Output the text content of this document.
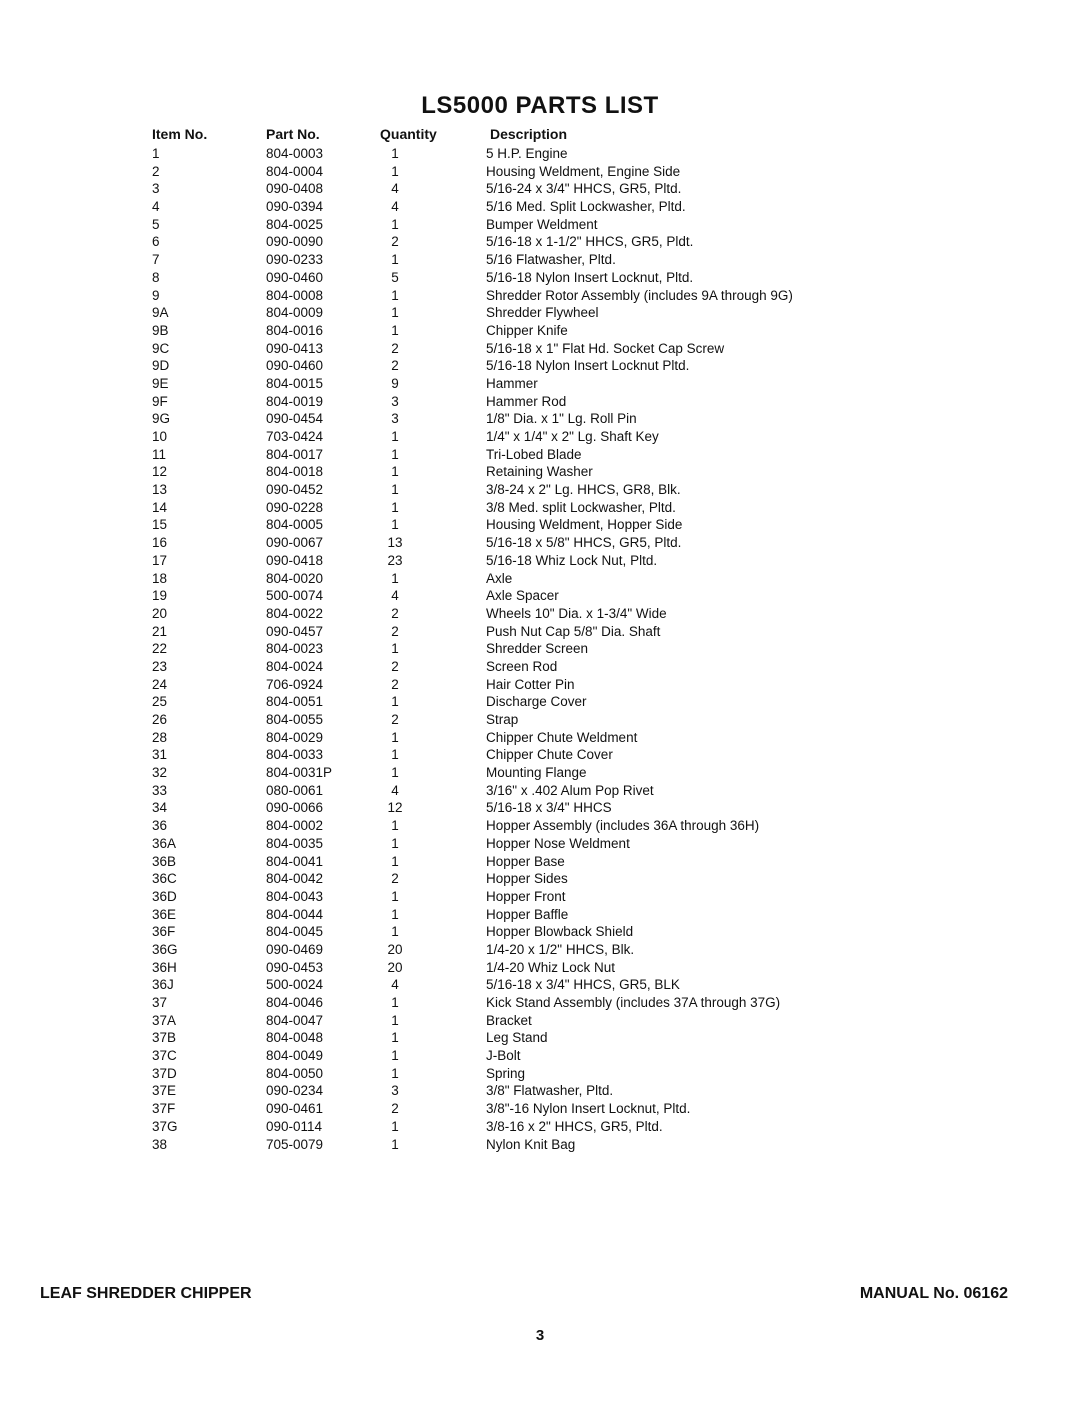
LS5000 PARTS LIST
Item No.	Part No.	Quantity	Description
1	804-0003	1	5 H.P. Engine
2	804-0004	1	Housing Weldment, Engine Side
3	090-0408	4	5/16-24 x 3/4" HHCS, GR5, Pltd.
4	090-0394	4	5/16 Med. Split Lockwasher, Pltd.
5	804-0025	1	Bumper Weldment
6	090-0090	2	5/16-18 x 1-1/2" HHCS, GR5, Pldt.
7	090-0233	1	5/16 Flatwasher, Pltd.
8	090-0460	5	5/16-18 Nylon Insert Locknut, Pltd.
9	804-0008	1	Shredder Rotor Assembly (includes 9A through 9G)
9A	804-0009	1	Shredder Flywheel
9B	804-0016	1	Chipper Knife
9C	090-0413	2	5/16-18 x 1" Flat Hd. Socket Cap Screw
9D	090-0460	2	5/16-18 Nylon Insert Locknut Pltd.
9E	804-0015	9	Hammer
9F	804-0019	3	Hammer Rod
9G	090-0454	3	1/8" Dia. x 1" Lg. Roll Pin
10	703-0424	1	1/4" x 1/4" x 2" Lg. Shaft Key
11	804-0017	1	Tri-Lobed Blade
12	804-0018	1	Retaining Washer
13	090-0452	1	3/8-24 x 2" Lg. HHCS, GR8, Blk.
14	090-0228	1	3/8 Med. split Lockwasher, Pltd.
15	804-0005	1	Housing Weldment, Hopper Side
16	090-0067	13	5/16-18 x 5/8" HHCS, GR5, Pltd.
17	090-0418	23	5/16-18 Whiz Lock Nut, Pltd.
18	804-0020	1	Axle
19	500-0074	4	Axle Spacer
20	804-0022	2	Wheels 10" Dia. x 1-3/4" Wide
21	090-0457	2	Push Nut Cap 5/8" Dia. Shaft
22	804-0023	1	Shredder Screen
23	804-0024	2	Screen Rod
24	706-0924	2	Hair Cotter Pin
25	804-0051	1	Discharge Cover
26	804-0055	2	Strap
28	804-0029	1	Chipper Chute Weldment
31	804-0033	1	Chipper Chute Cover
32	804-0031P	1	Mounting Flange
33	080-0061	4	3/16" x .402 Alum Pop Rivet
34	090-0066	12	5/16-18 x 3/4" HHCS
36	804-0002	1	Hopper Assembly (includes 36A through 36H)
36A	804-0035	1	Hopper Nose Weldment
36B	804-0041	1	Hopper Base
36C	804-0042	2	Hopper Sides
36D	804-0043	1	Hopper Front
36E	804-0044	1	Hopper Baffle
36F	804-0045	1	Hopper Blowback Shield
36G	090-0469	20	1/4-20 x 1/2" HHCS, Blk.
36H	090-0453	20	1/4-20 Whiz Lock Nut
36J	500-0024	4	5/16-18 x 3/4" HHCS, GR5, BLK
37	804-0046	1	Kick Stand Assembly (includes 37A through 37G)
37A	804-0047	1	Bracket
37B	804-0048	1	Leg Stand
37C	804-0049	1	J-Bolt
37D	804-0050	1	Spring
37E	090-0234	3	3/8" Flatwasher, Pltd.
37F	090-0461	2	3/8"-16 Nylon Insert Locknut, Pltd.
37G	090-0114	1	3/8-16 x 2" HHCS, GR5, Pltd.
38	705-0079	1	Nylon Knit Bag
LEAF SHREDDER CHIPPER	MANUAL No. 06162
3
